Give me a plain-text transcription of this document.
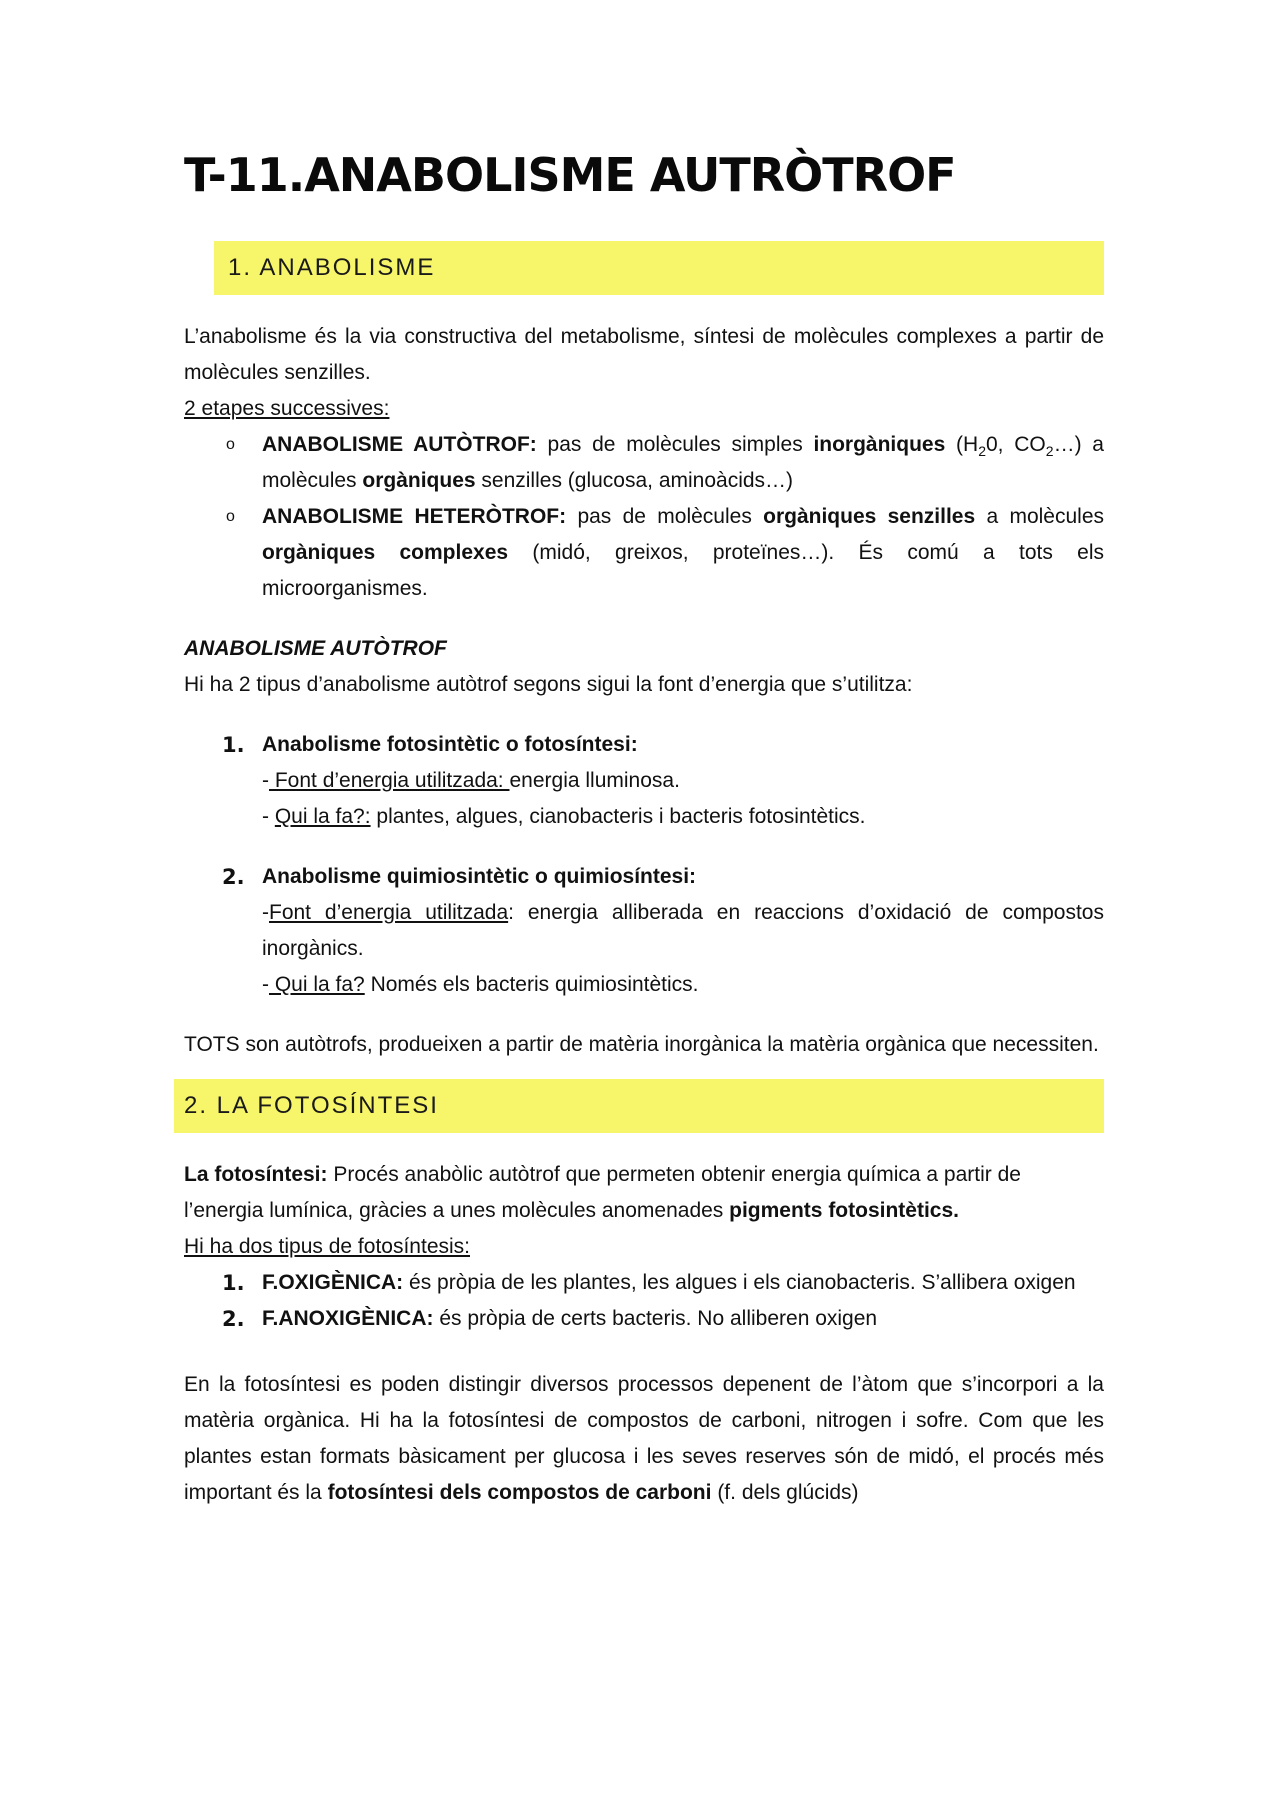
T-11.ANABOLISME AUTRÒTROF
1. ANABOLISME

L’anabolisme és la via constructiva del metabolisme, síntesi de molècules complexes a partir de molècules senzilles.

2 etapes successives:

o	ANABOLISME AUTÒTROF: pas de molècules simples inorgàniques ($H_20$, $CO_2\dots$) a molècules orgàniques senzilles (glucosa, aminoàcids…)
o	ANABOLISME HETERÒTROF: pas de molècules orgàniques senzilles a molècules orgàniques complexes (midó, greixos, proteïnes…). És comú a tots els microorganismes.

ANABOLISME AUTÒTROF

Hi ha 2 tipus d’anabolisme autòtrof segons sigui la font d’energia que s’utilitza:

1. Anabolisme fotosintètic o fotosíntesi:
- Font d’energia utilitzada: energia lluminosa.
- Qui la fa?: plantes, algues, cianobacteris i bacteris fotosintètics.
2. Anabolisme quimiosintètic o quimiosíntesi:

-Font d’energia utilitzada: energia alliberada en reaccions d’oxidació de compostos inorgànics.
- Qui la fa? Només els bacteris quimiosintètics.

TOTS son autòtrofs, produeixen a partir de matèria inorgànica la matèria orgànica que necessiten.

2. LA FOTOSÍNTESI

La fotosíntesi: Procés anabòlic autòtrof que permeten obtenir energia química a partir de l’energia lumínica, gràcies a unes molècules anomenades pigments fotosintètics.

Hi ha dos tipus de fotosíntesis:

1. F.OXIGÈNICA: és pròpia de les plantes, les algues i els cianobacteris. S’allibera oxigen
2. F.ANOXIGÈNICA: és pròpia de certs bacteris. No alliberen oxigen

En la fotosíntesi es poden distingir diversos processos depenent de l’àtom que s’incorpori a la matèria orgànica. Hi ha la fotosíntesi de compostos de carboni, nitrogen i sofre. Com que les plantes estan formats bàsicament per glucosa i les seves reserves són de midó, el procés més important és la fotosíntesi dels compostos de carboni (f. dels glúcids)
